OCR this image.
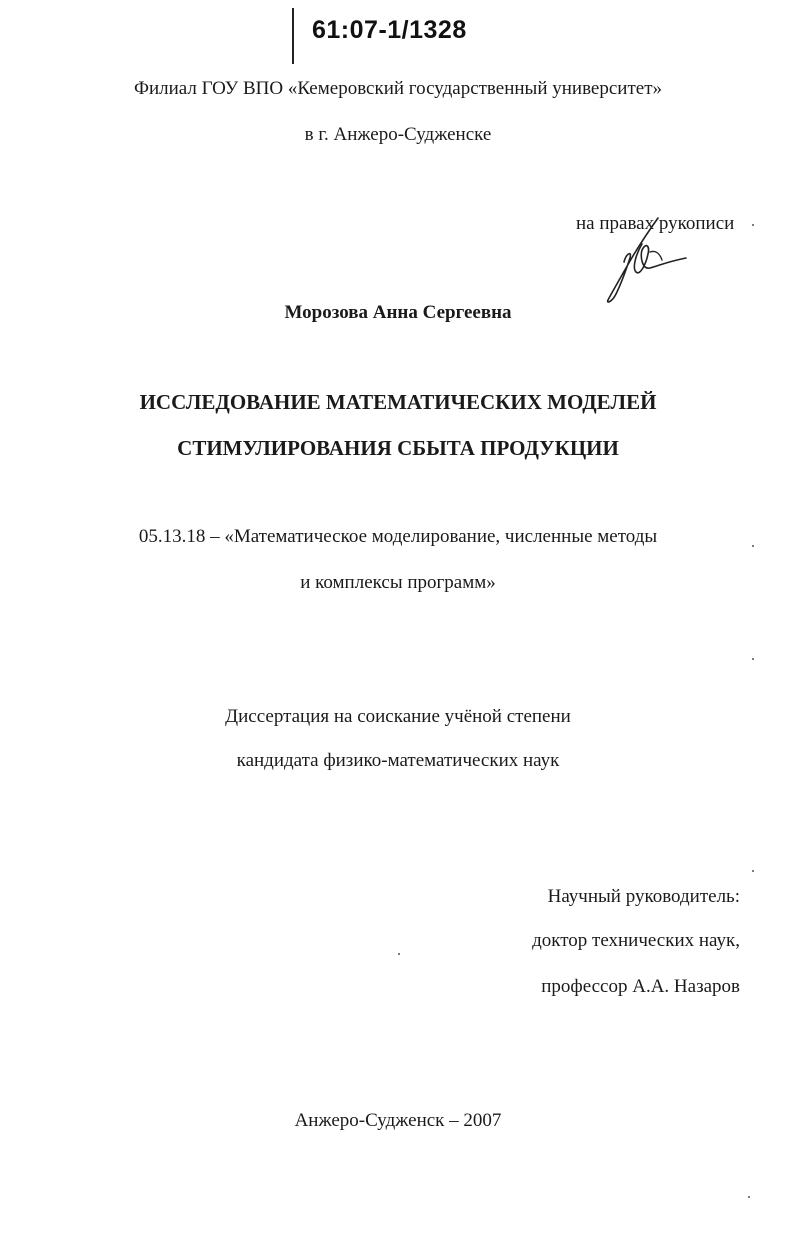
61:07-1/1328
Филиал ГОУ ВПО «Кемеровский государственный университет»
в г. Анжеро-Судженске
на правах рукописи
Морозова Анна Сергеевна
ИССЛЕДОВАНИЕ МАТЕМАТИЧЕСКИХ МОДЕЛЕЙ
СТИМУЛИРОВАНИЯ СБЫТА ПРОДУКЦИИ
05.13.18 – «Математическое моделирование, численные методы
и комплексы программ»
Диссертация на соискание учёной степени
кандидата физико-математических наук
Научный руководитель:
доктор технических наук,
профессор А.А. Назаров
Анжеро-Судженск – 2007
